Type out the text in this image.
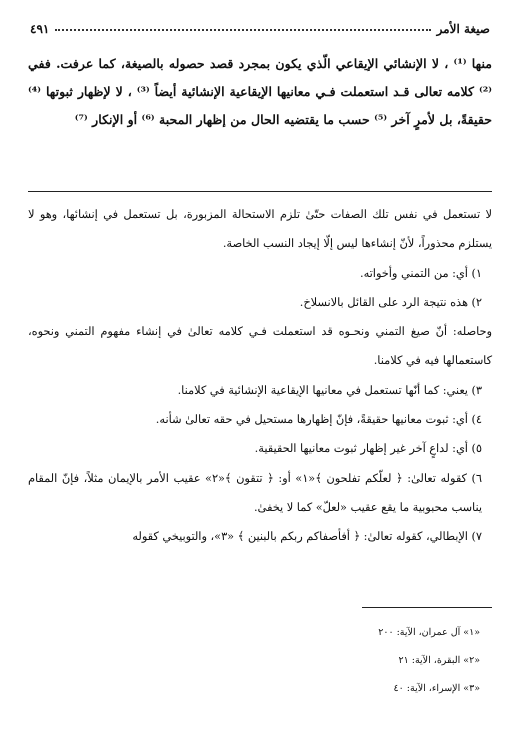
صيغة الأمر
٤٩١

منها ⁽¹⁾ ، لا الإنشائي الإيقاعي الّذي يكون بمجرد قصد حصوله بالصيغة، كما عرفت. ففي ⁽²⁾ كلامه تعالى قـد استعملت فـي معانيها الإيقاعية الإنشائية أيضاً ⁽³⁾ ، لا لإظهار ثبوتها ⁽⁴⁾ حقيقةً، بل لأمرٍ آخر ⁽⁵⁾ حسب ما يقتضيه الحال من إظهار المحبة ⁽⁶⁾ أو الإنكار ⁽⁷⁾

لا تستعمل في نفس تلك الصفات حتّىٰ تلزم الاستحالة المزبورة، بل تستعمل في إنشائها، وهو لا يستلزم محذوراً، لأنّ إنشاءها ليس إلّا إيجاد النسب الخاصة.

١) أي: من التمني وأخواته.

٢) هذه نتيجة الرد على القائل بالانسلاخ.

وحاصله: أنّ صيغ التمني ونحـوه قد استعملت فـي كلامه تعالىٰ في إنشاء مفهوم التمني ونحوه، كاستعمالها فيه في كلامنا.

٣) يعني: كما أنّها تستعمل في معانيها الإيقاعية الإنشائية في كلامنا.

٤) أي: ثبوت معانيها حقيقةً، فإنّ إظهارها مستحيل في حقه تعالىٰ شأنه.

٥) أي: لداعٍ آخر غير إظهار ثبوت معانيها الحقيقية.

٦) كقوله تعالىٰ: ﴿ لعلّكم تفلحون ﴾«١» أو: ﴿ تتقون ﴾«٢» عقيب الأمر بالإيمان مثلاً، فإنّ المقام يناسب محبوبية ما يقع عقيب «لعلّ» كما لا يخفىٰ.

٧) الإبطالي، كقوله تعالىٰ: ﴿ أفأصفاكم ربكم بالبنين ﴾ «٣»، والتوبيخي كقوله

«١» آل عمران، الآية: ٢٠٠

«٢» البقرة، الآية: ٢١

«٣» الإسراء، الآية: ٤٠
